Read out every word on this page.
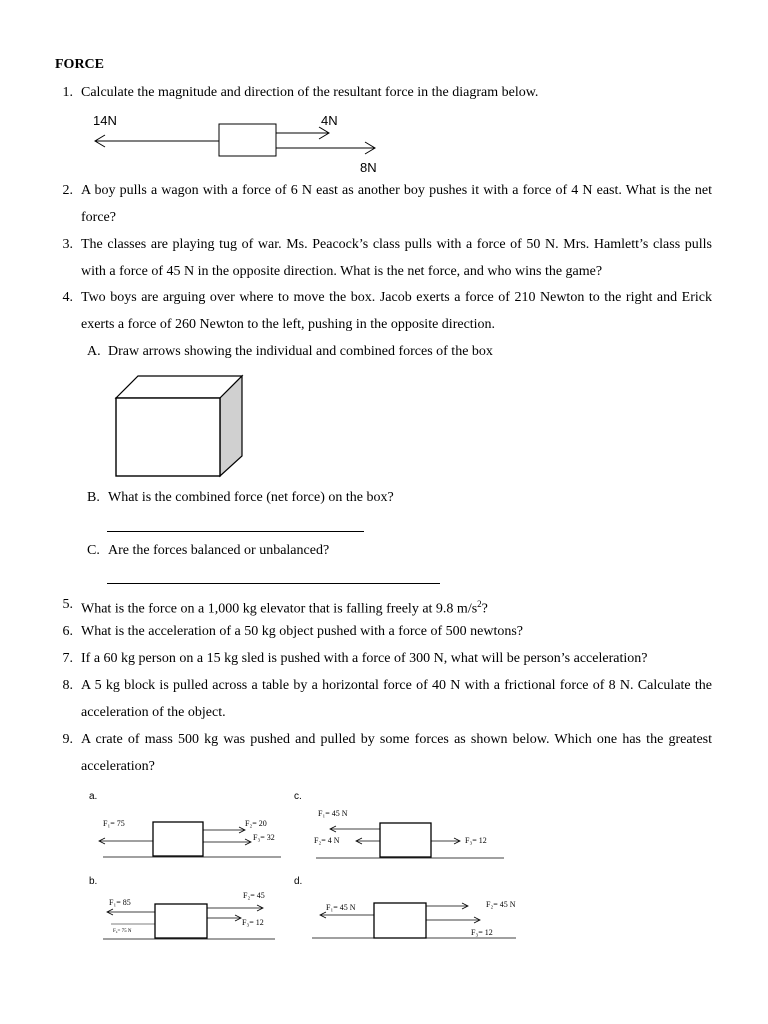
FORCE
1. Calculate the magnitude and direction of the resultant force in the diagram below.
14N	4N
8N
2. A boy pulls a wagon with a force of 6 N east as another boy pushes it with a force of 4 N east. What is the net force?
3. The classes are playing tug of war. Ms. Peacock’s class pulls with a force of 50 N. Mrs. Hamlett’s class pulls with a force of 45 N in the opposite direction. What is the net force, and who wins the game?
4. Two boys are arguing over where to move the box. Jacob exerts a force of 210 Newton to the right and Erick exerts a force of 260 Newton to the left, pushing in the opposite direction.
A. Draw arrows showing the individual and combined forces of the box
B. What is the combined force (net force) on the box?
C. Are the forces balanced or unbalanced?
5. What is the force on a 1,000 kg elevator that is falling freely at 9.8 $m/s^2$?
6. What is the acceleration of a 50 kg object pushed with a force of 500 newtons?
7. If a 60 kg person on a 15 kg sled is pushed with a force of 300 N, what will be person’s acceleration?
8. A 5 kg block is pulled across a table by a horizontal force of 40 N with a frictional force of 8 N. Calculate the acceleration of the object.
9. A crate of mass 500 kg was pushed and pulled by some forces as shown below. Which one has the greatest acceleration?
a.
F₁= 75	F₂= 20
F₃= 32
c.
F₁= 45 N
F₂= 4 N	F₃= 12
b.
F₁= 85
F₂= 45
F₃= 12
F₄= 75 N
d.
F₁= 45 N	F₂= 45 N
F₃= 12
